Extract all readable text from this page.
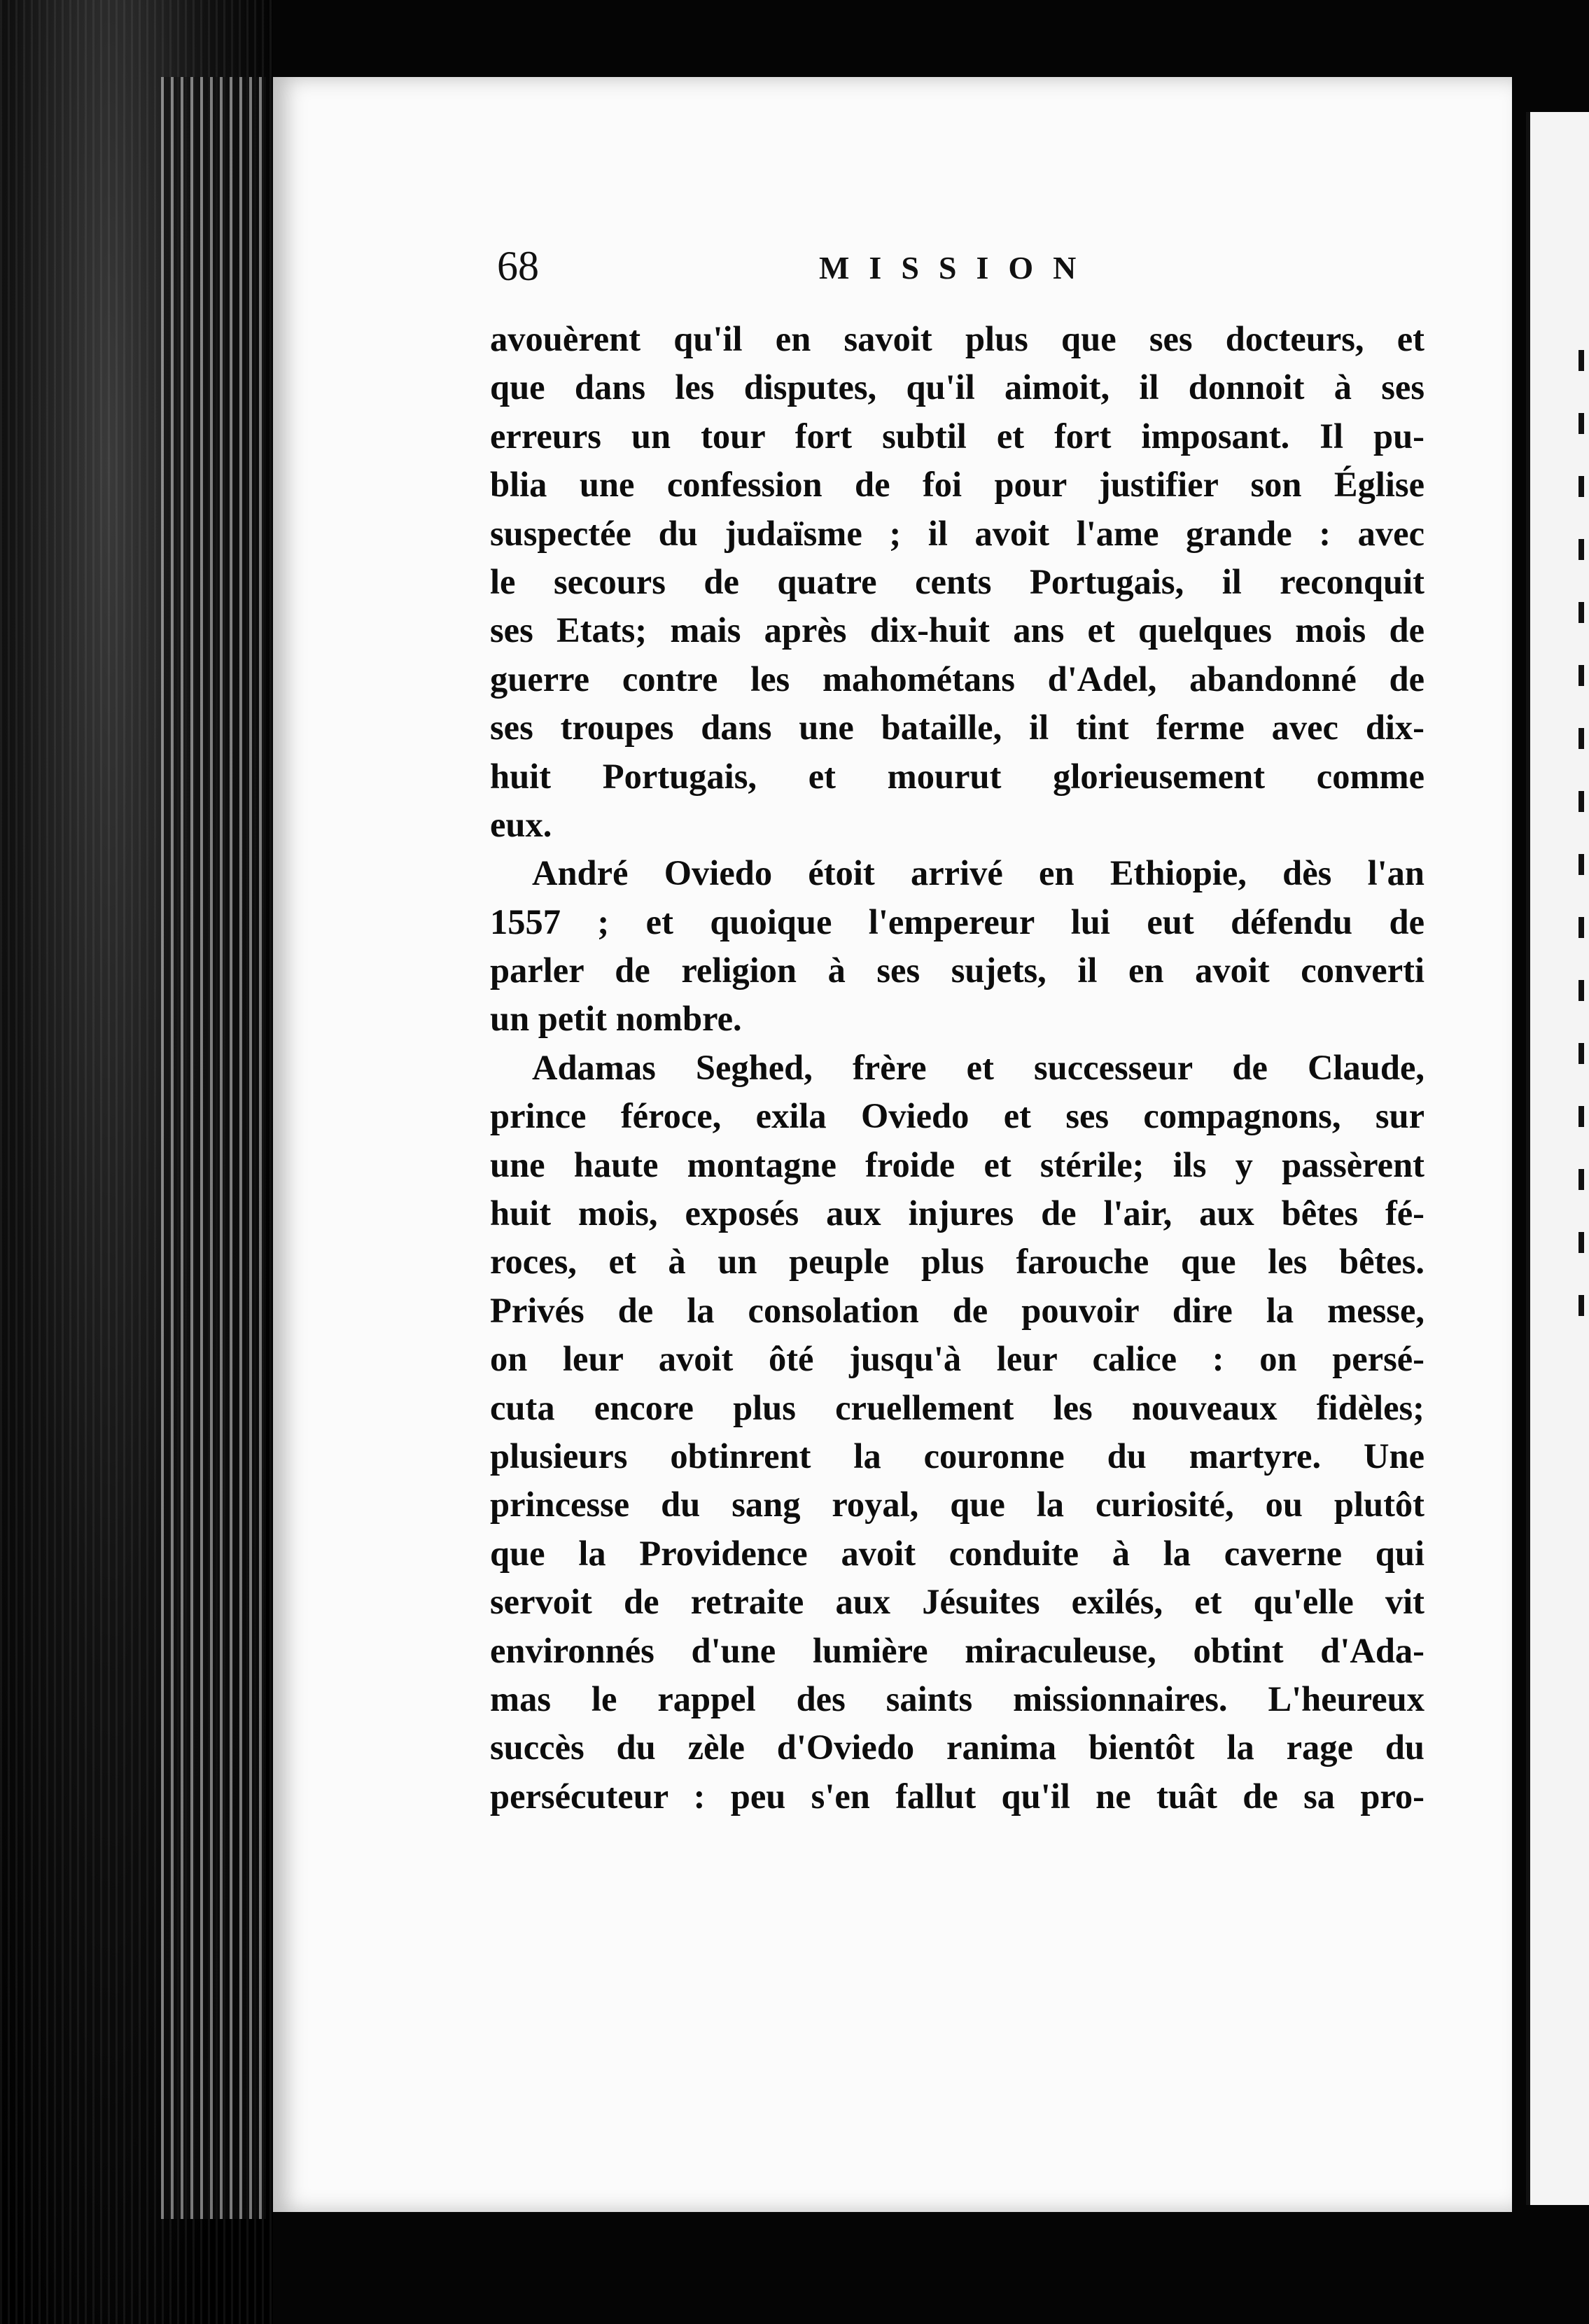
68	MISSION
avouèrent qu'il en savoit plus que ses docteurs, et
que dans les disputes, qu'il aimoit, il donnoit à ses
erreurs un tour fort subtil et fort imposant. Il pu-
blia une confession de foi pour justifier son Église
suspectée du judaïsme ; il avoit l'ame grande : avec
le secours de quatre cents Portugais, il reconquit
ses Etats; mais après dix-huit ans et quelques mois de
guerre contre les mahométans d'Adel, abandonné de
ses troupes dans une bataille, il tint ferme avec dix-
huit Portugais, et mourut glorieusement comme
eux.
André Oviedo étoit arrivé en Ethiopie, dès l'an
1557 ; et quoique l'empereur lui eut défendu de
parler de religion à ses sujets, il en avoit converti
un petit nombre.
Adamas Seghed, frère et successeur de Claude,
prince féroce, exila Oviedo et ses compagnons, sur
une haute montagne froide et stérile; ils y passèrent
huit mois, exposés aux injures de l'air, aux bêtes fé-
roces, et à un peuple plus farouche que les bêtes.
Privés de la consolation de pouvoir dire la messe,
on leur avoit ôté jusqu'à leur calice : on persé-
cuta encore plus cruellement les nouveaux fidèles;
plusieurs obtinrent la couronne du martyre. Une
princesse du sang royal, que la curiosité, ou plutôt
que la Providence avoit conduite à la caverne qui
servoit de retraite aux Jésuites exilés, et qu'elle vit
environnés d'une lumière miraculeuse, obtint d'Ada-
mas le rappel des saints missionnaires. L'heureux
succès du zèle d'Oviedo ranima bientôt la rage du
persécuteur : peu s'en fallut qu'il ne tuât de sa pro-
